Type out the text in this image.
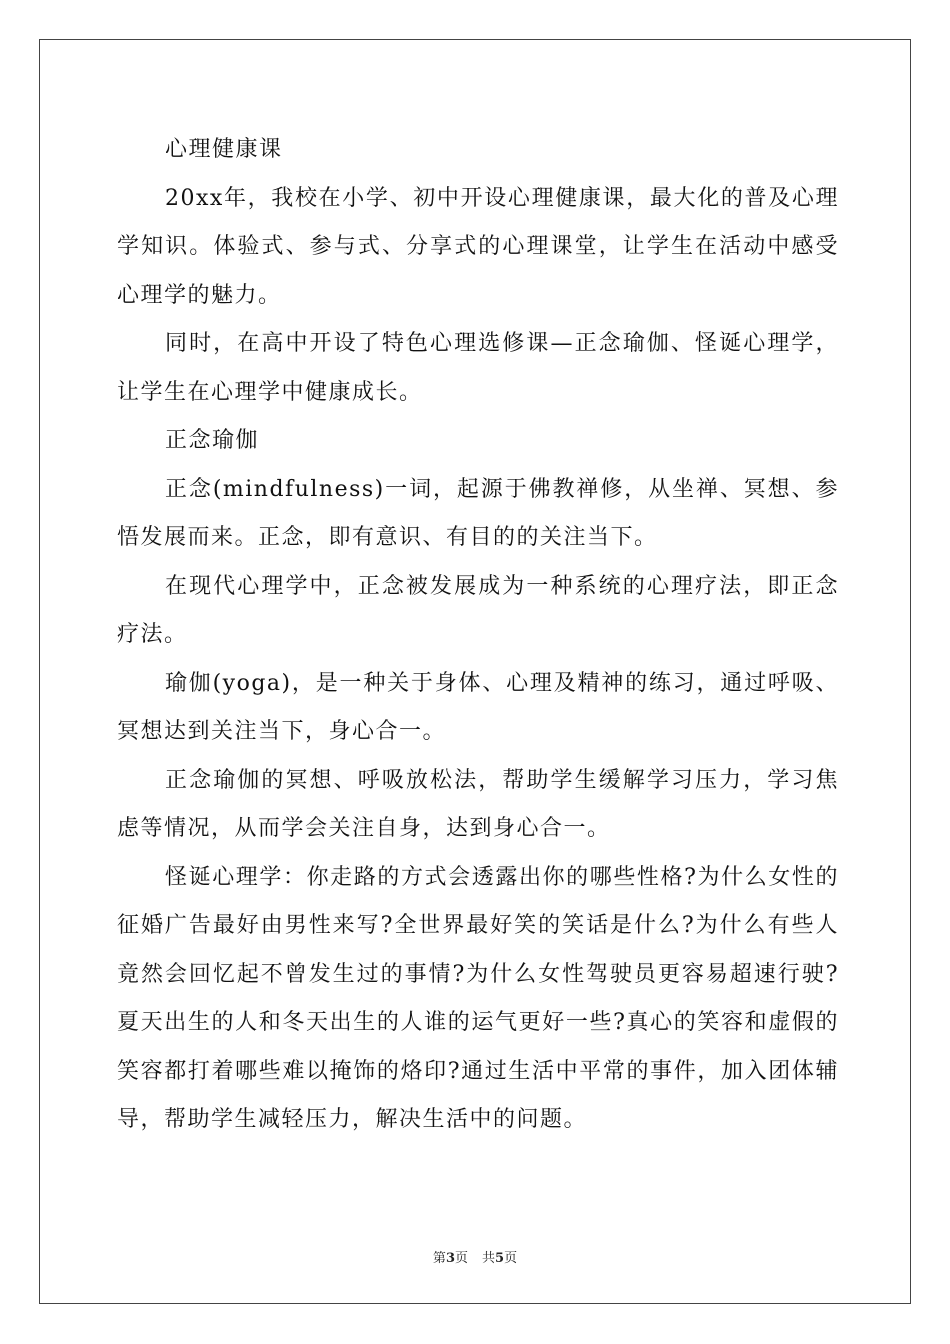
心理健康课

20xx年，我校在小学、初中开设心理健康课，最大化的普及心理学知识。体验式、参与式、分享式的心理课堂，让学生在活动中感受心理学的魅力。

同时，在高中开设了特色心理选修课—正念瑜伽、怪诞心理学，让学生在心理学中健康成长。

正念瑜伽

正念(mindfulness)一词，起源于佛教禅修，从坐禅、冥想、参悟发展而来。正念，即有意识、有目的的关注当下。

在现代心理学中，正念被发展成为一种系统的心理疗法，即正念疗法。

瑜伽(yoga)，是一种关于身体、心理及精神的练习，通过呼吸、冥想达到关注当下，身心合一。

正念瑜伽的冥想、呼吸放松法，帮助学生缓解学习压力，学习焦虑等情况，从而学会关注自身，达到身心合一。

怪诞心理学：你走路的方式会透露出你的哪些性格?为什么女性的征婚广告最好由男性来写?全世界最好笑的笑话是什么?为什么有些人竟然会回忆起不曾发生过的事情?为什么女性驾驶员更容易超速行驶?夏天出生的人和冬天出生的人谁的运气更好一些?真心的笑容和虚假的笑容都打着哪些难以掩饰的烙印?通过生活中平常的事件，加入团体辅导，帮助学生减轻压力，解决生活中的问题。

第3页 共5页
